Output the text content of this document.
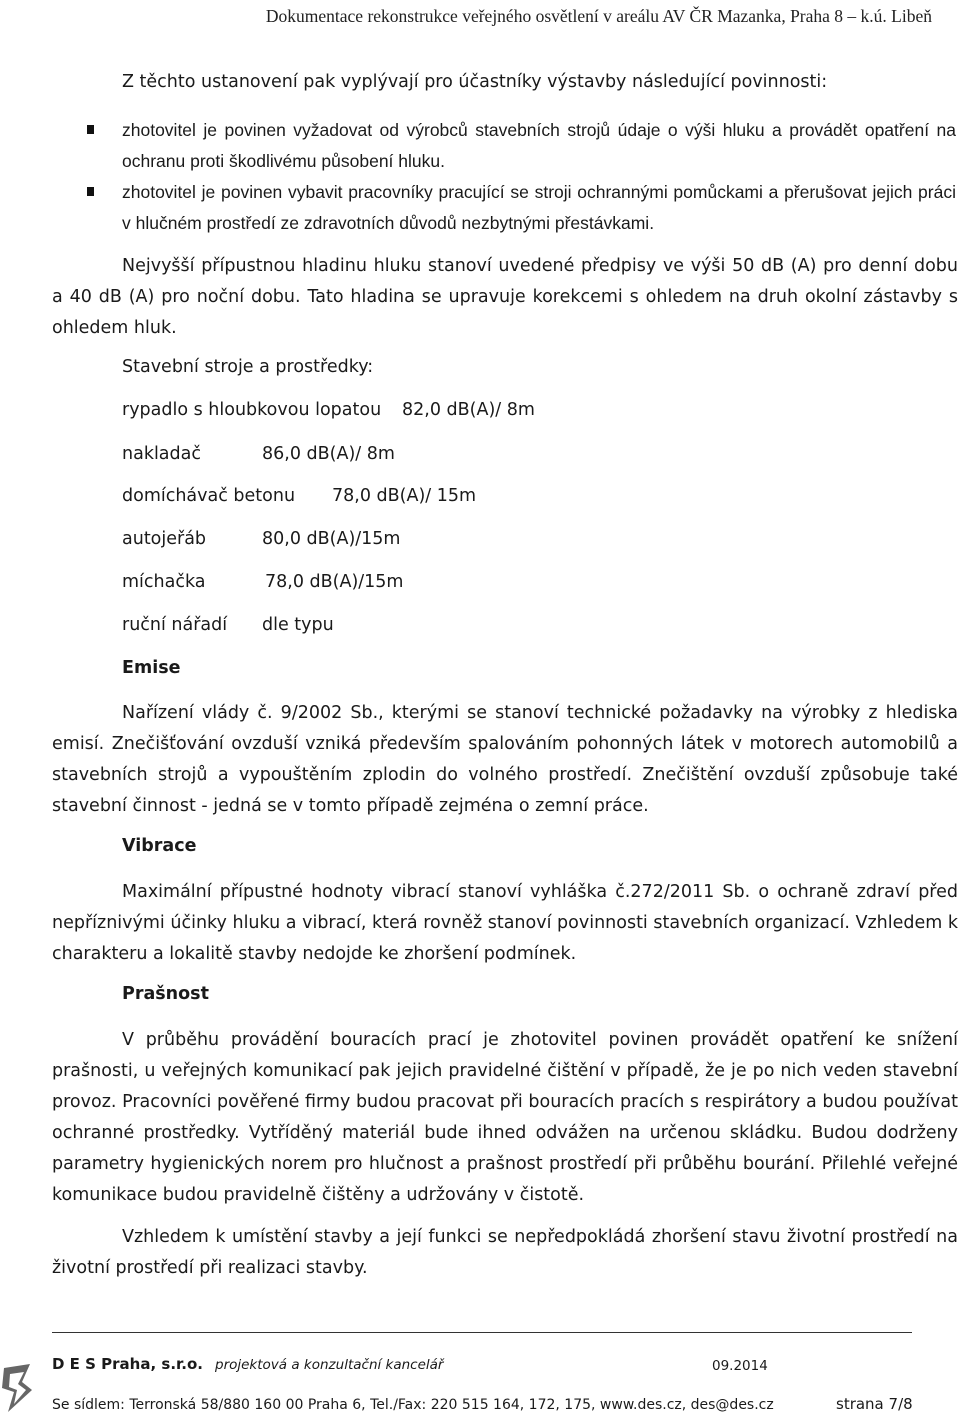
Dokumentace rekonstrukce veřejného osvětlení v areálu AV ČR Mazanka, Praha 8 – k.ú. Libeň
Z těchto ustanovení pak vyplývají pro účastníky výstavby následující povinnosti:

zhotovitel je povinen vyžadovat od výrobců stavebních strojů údaje o výši hluku a provádět opatření na ochranu proti škodlivému působení hluku.

zhotovitel je povinen vybavit pracovníky pracující se stroji ochrannými pomůckami a přerušovat jejich práci v hlučném prostředí ze zdravotních důvodů nezbytnými přestávkami.

Nejvyšší přípustnou hladinu hluku stanoví uvedené předpisy ve výši 50 dB (A) pro denní dobu a 40 dB (A) pro noční dobu. Tato hladina se upravuje korekcemi s ohledem na druh okolní zástavby s ohledem hluk.

Stavební stroje a prostředky:
rypadlo s hloubkovou lopatou 82,0 dB(A)/ 8m
nakladač	86,0 dB(A)/ 8m
domíchávač betonu 78,0 dB(A)/ 15m
autojeřáb	80,0 dB(A)/15m
míchačka	78,0 dB(A)/15m
ruční nářadí dle typu
Emise

Nařízení vlády č. 9/2002 Sb., kterými se stanoví technické požadavky na výrobky z hlediska emisí. Znečišťování ovzduší vzniká především spalováním pohonných látek v motorech automobilů a stavebních strojů a vypouštěním zplodin do volného prostředí. Znečištění ovzduší způsobuje také stavební činnost - jedná se v tomto případě zejména o zemní práce.

Vibrace

Maximální přípustné hodnoty vibrací stanoví vyhláška č.272/2011 Sb. o ochraně zdraví před nepříznivými účinky hluku a vibrací, která rovněž stanoví povinnosti stavebních organizací. Vzhledem k charakteru a lokalitě stavby nedojde ke zhoršení podmínek.

Prašnost

V průběhu provádění bouracích prací je zhotovitel povinen provádět opatření ke snížení prašnosti, u veřejných komunikací pak jejich pravidelné čištění v případě, že je po nich veden stavební provoz. Pracovníci pověřené firmy budou pracovat při bouracích pracích s respirátory a budou používat ochranné prostředky. Vytříděný materiál bude ihned odvážen na určenou skládku. Budou dodrženy parametry hygienických norem pro hlučnost a prašnost prostředí při průběhu bourání. Přilehlé veřejné komunikace budou pravidelně čištěny a udržovány v čistotě.

Vzhledem k umístění stavby a její funkci se nepředpokládá zhoršení stavu životní prostředí na životní prostředí při realizaci stavby.

D E S Praha, s.r.o. projektová a konzultační kancelář	09.2014
Se sídlem: Terronská 58/880 160 00 Praha 6, Tel./Fax: 220 515 164, 172, 175, www.des.cz, des@des.cz	strana 7/8
